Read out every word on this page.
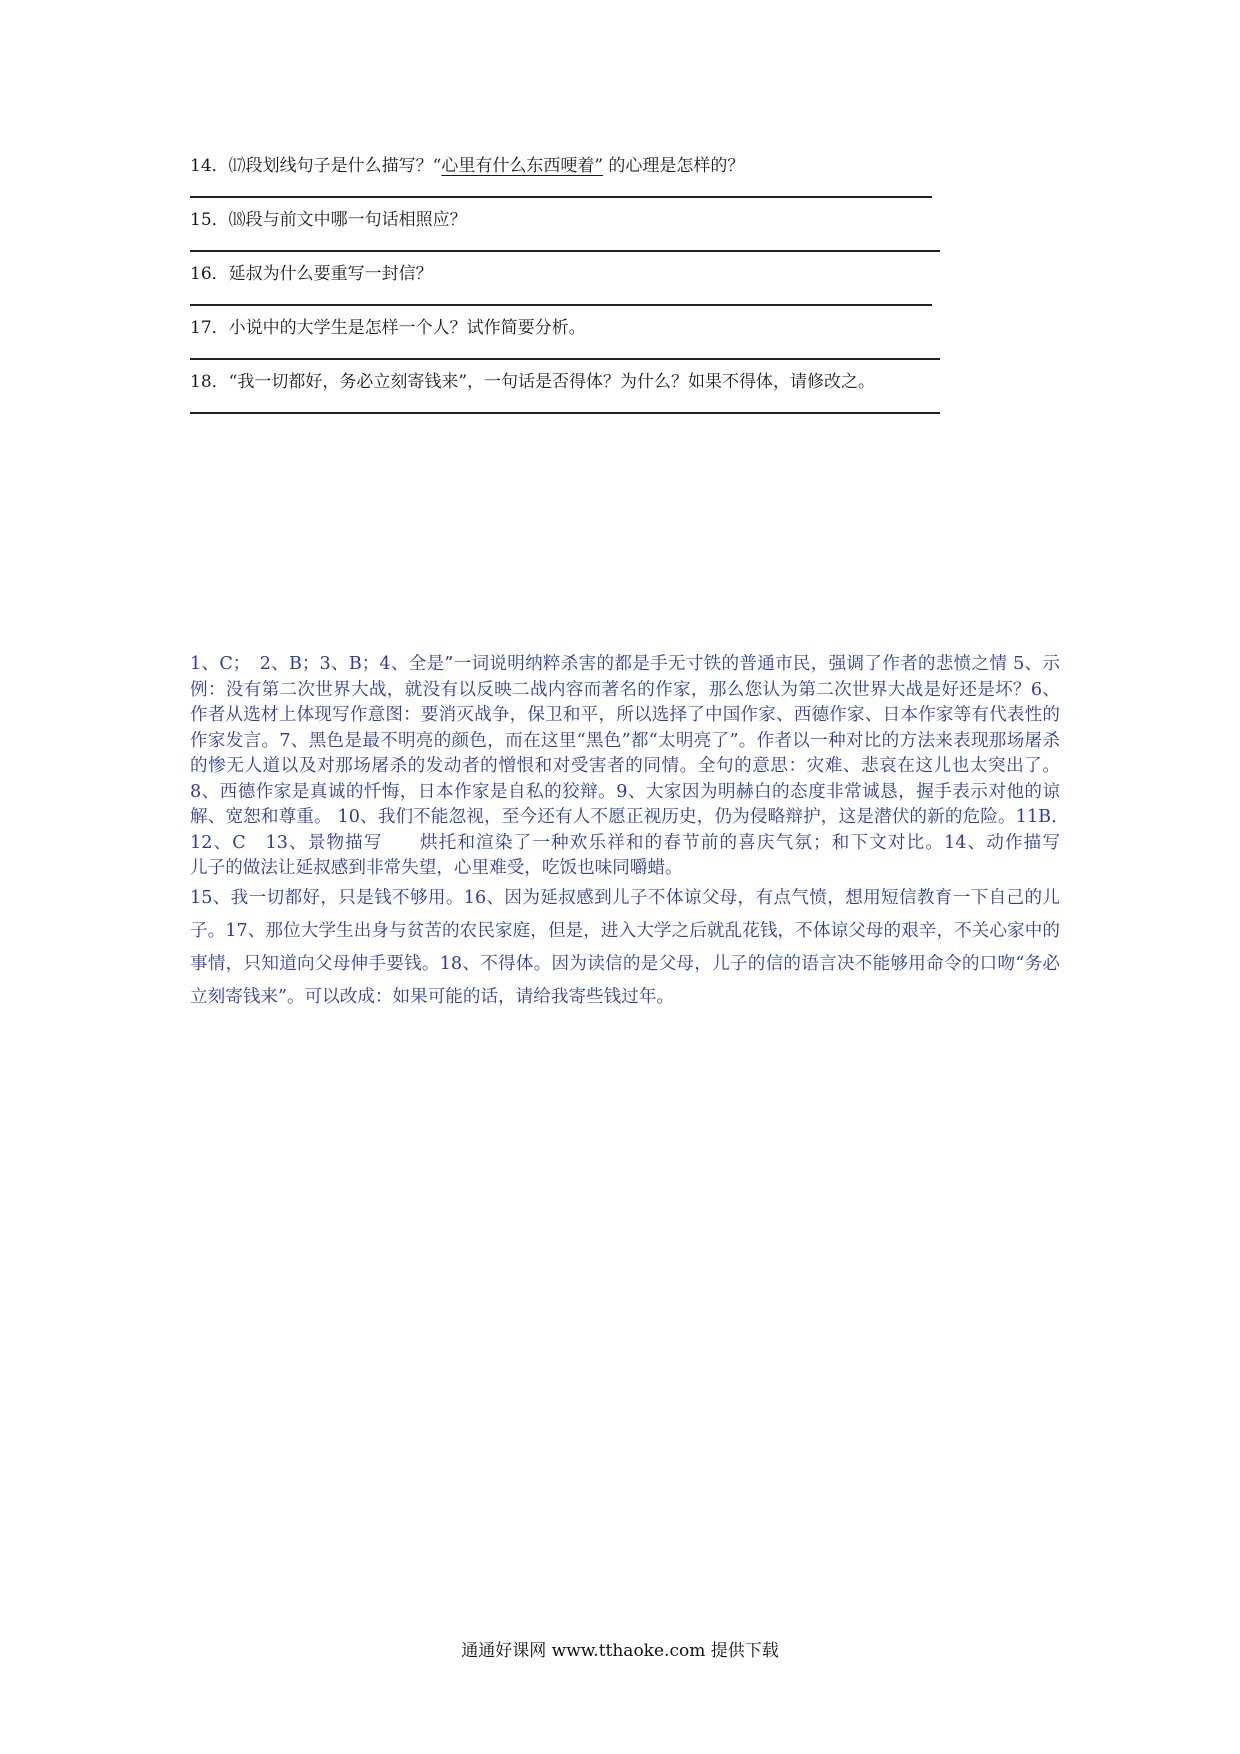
14．⒄段划线句子是什么描写？“心里有什么东西哽着” 的心理是怎样的？
15．⒅段与前文中哪一句话相照应？
16．延叔为什么要重写一封信？
17．小说中的大学生是怎样一个人？试作简要分析。
18．“我一切都好，务必立刻寄钱来”，一句话是否得体？为什么？如果不得体，请修改之。

1、C；　2、B；3、B；4、全是”一词说明纳粹杀害的都是手无寸铁的普通市民，强调了作者的悲愤之情 5、示例：没有第二次世界大战，就没有以反映二战内容而著名的作家，那么您认为第二次世界大战是好还是坏？6、作者从选材上体现写作意图：要消灭战争，保卫和平，所以选择了中国作家、西德作家、日本作家等有代表性的作家发言。7、黑色是最不明亮的颜色，而在这里“黑色”都“太明亮了”。作者以一种对比的方法来表现那场屠杀的惨无人道以及对那场屠杀的发动者的憎恨和对受害者的同情。全句的意思：灾难、悲哀在这儿也太突出了。8、西德作家是真诚的忏悔，日本作家是自私的狡辩。9、大家因为明赫白的态度非常诚恳，握手表示对他的谅解、宽恕和尊重。 10、我们不能忽视，至今还有人不愿正视历史，仍为侵略辩护，这是潜伏的新的危险。11B．　12、C　13、景物描写　　烘托和渲染了一种欢乐祥和的春节前的喜庆气氛；和下文对比。14、动作描写　　儿子的做法让延叔感到非常失望，心里难受，吃饭也味同嚼蜡。

15、我一切都好，只是钱不够用。16、因为延叔感到儿子不体谅父母，有点气愤，想用短信教育一下自己的儿子。17、那位大学生出身与贫苦的农民家庭，但是，进入大学之后就乱花钱，不体谅父母的艰辛，不关心家中的事情，只知道向父母伸手要钱。18、不得体。因为读信的是父母，儿子的信的语言决不能够用命令的口吻“务必立刻寄钱来”。可以改成：如果可能的话，请给我寄些钱过年。

通通好课网 www.tthaoke.com 提供下载
